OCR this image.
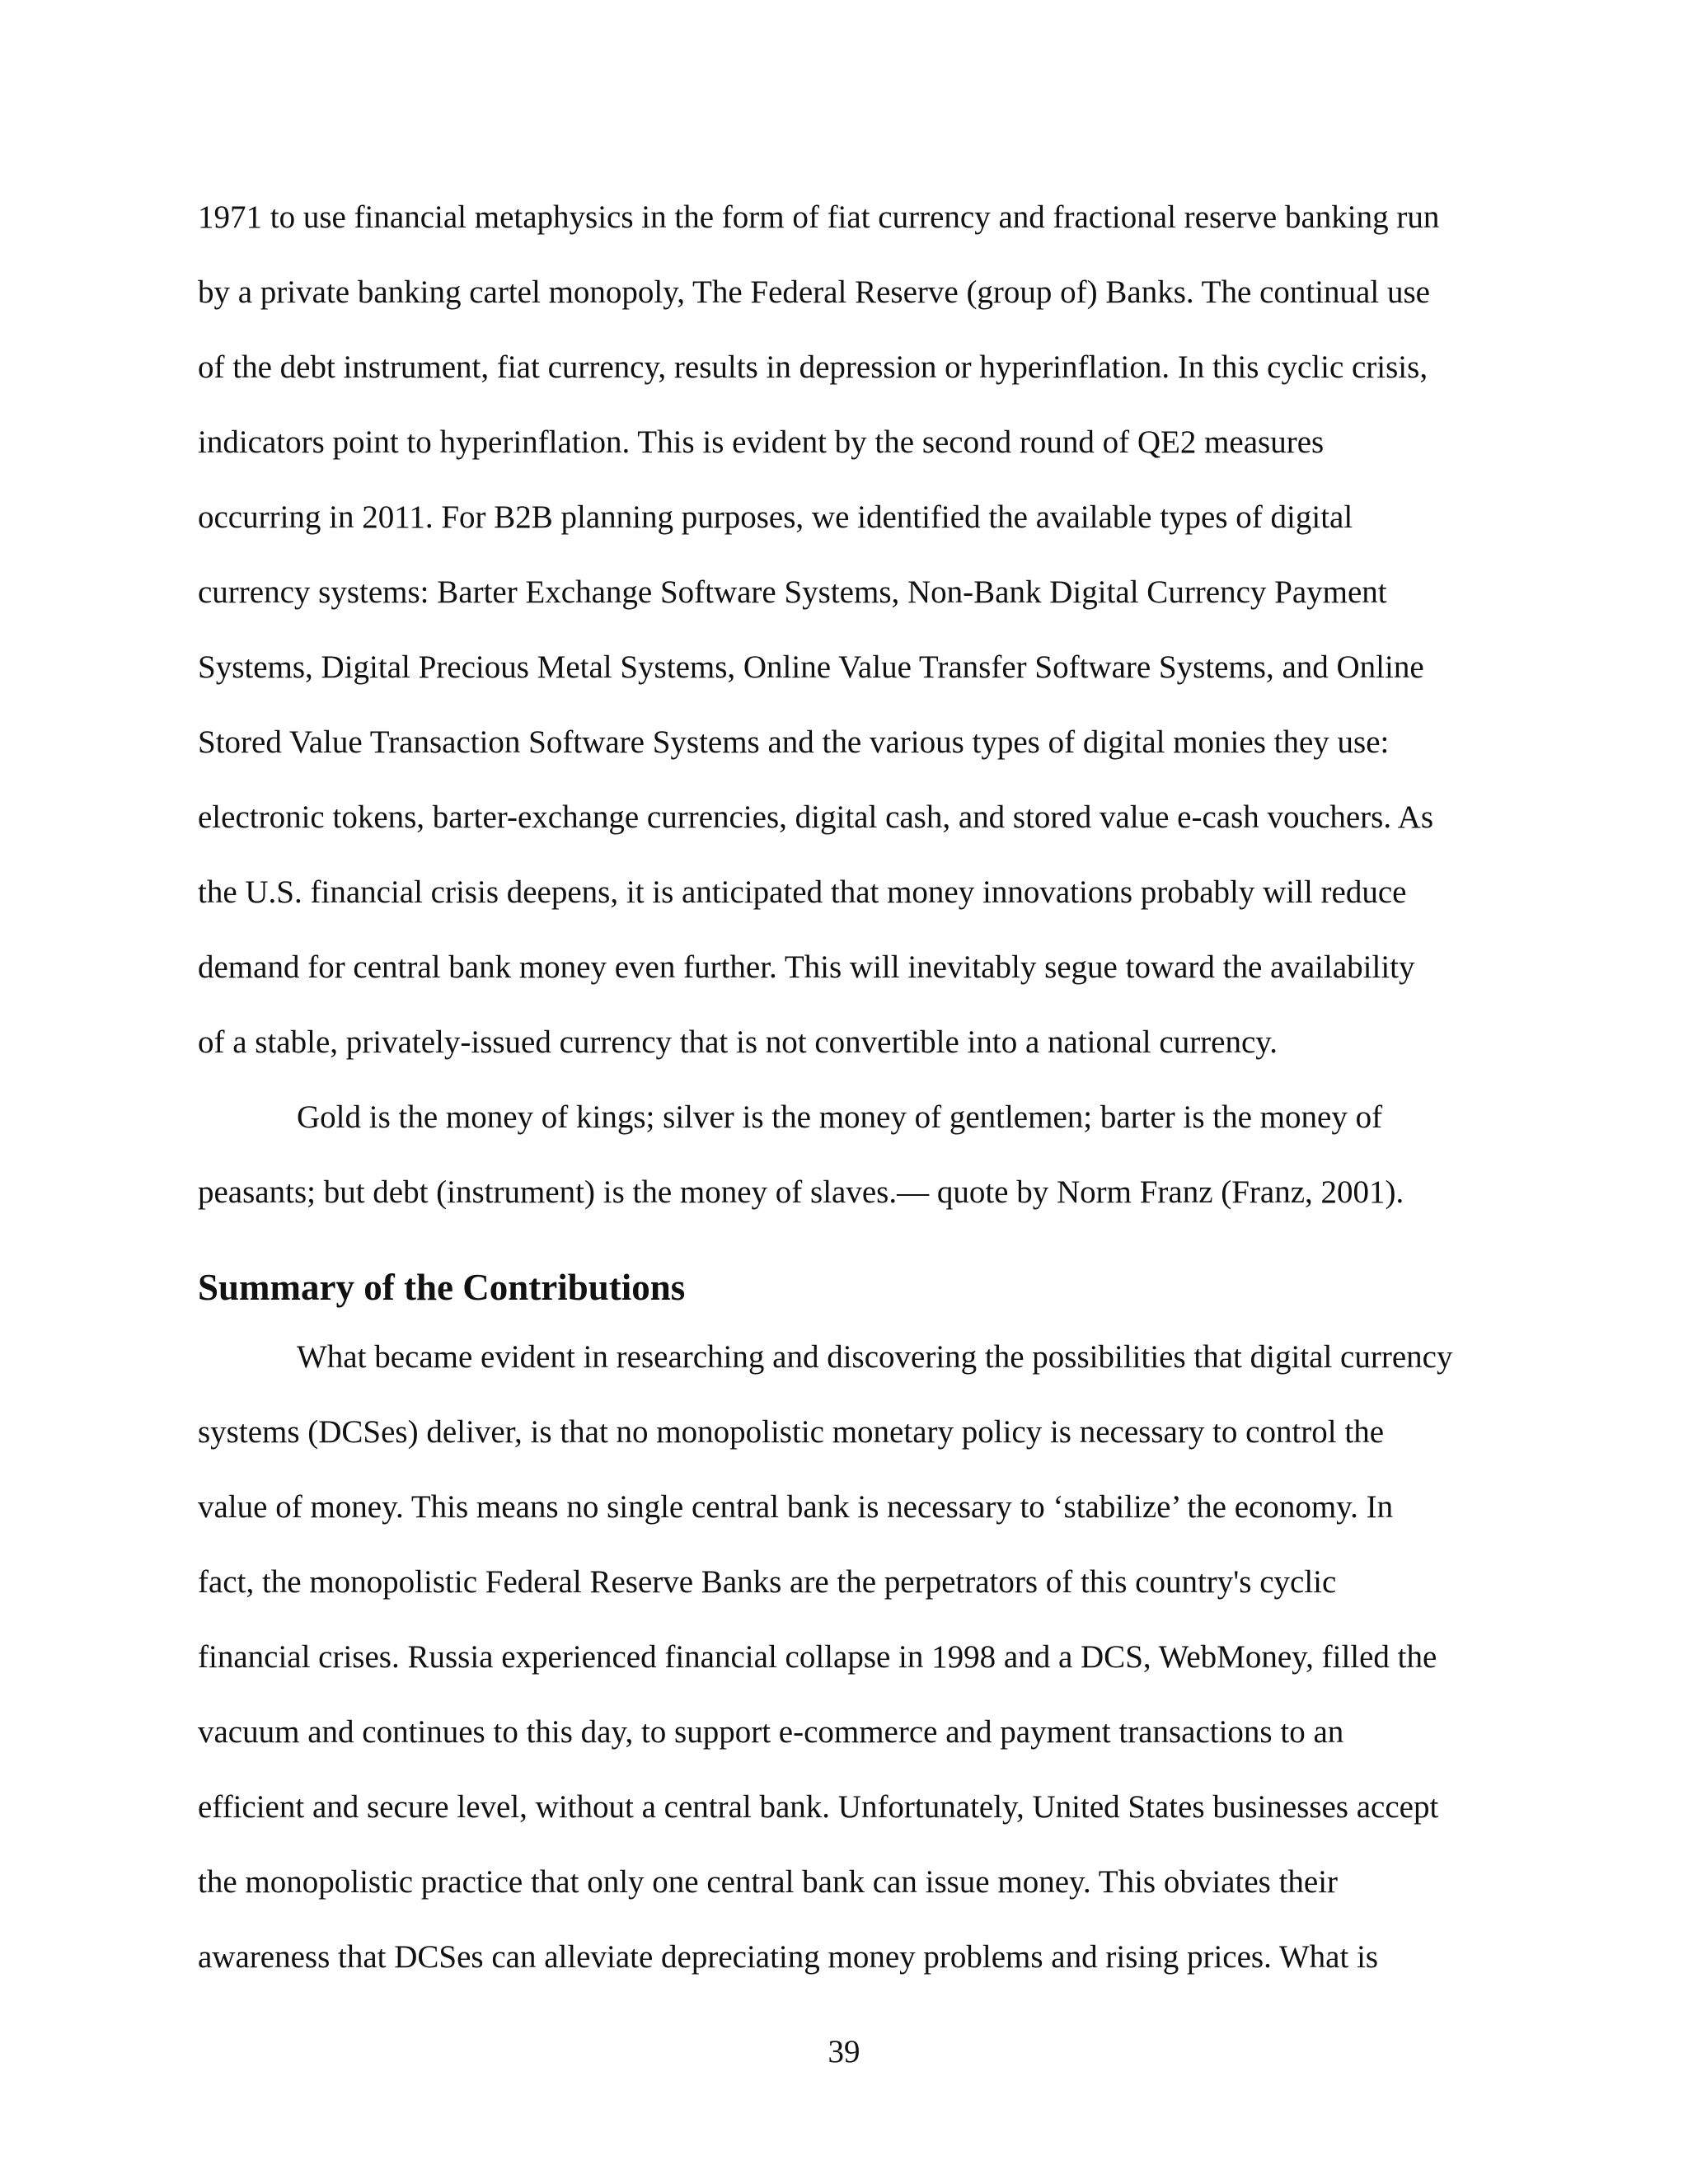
1971 to use financial metaphysics in the form of fiat currency and fractional reserve banking run

by a private banking cartel monopoly, The Federal Reserve (group of) Banks. The continual use

of the debt instrument, fiat currency, results in depression or hyperinflation. In this cyclic crisis,

indicators point to hyperinflation. This is evident by the second round of QE2 measures

occurring in 2011. For B2B planning purposes, we identified the available types of digital

currency systems: Barter Exchange Software Systems, Non-Bank Digital Currency Payment

Systems, Digital Precious Metal Systems, Online Value Transfer Software Systems, and Online

Stored Value Transaction Software Systems and the various types of digital monies they use:

electronic tokens, barter-exchange currencies, digital cash, and stored value e-cash vouchers. As

the U.S. financial crisis deepens, it is anticipated that money innovations probably will reduce

demand for central bank money even further. This will inevitably segue toward the availability

of a stable, privately-issued currency that is not convertible into a national currency.

Gold is the money of kings; silver is the money of gentlemen; barter is the money of

peasants; but debt (instrument) is the money of slaves.— quote by Norm Franz (Franz, 2001).

Summary of the Contributions

What became evident in researching and discovering the possibilities that digital currency

systems (DCSes) deliver, is that no monopolistic monetary policy is necessary to control the

value of money. This means no single central bank is necessary to ‘stabilize’ the economy. In

fact, the monopolistic Federal Reserve Banks are the perpetrators of this country's cyclic

financial crises. Russia experienced financial collapse in 1998 and a DCS, WebMoney, filled the

vacuum and continues to this day, to support e-commerce and payment transactions to an

efficient and secure level, without a central bank. Unfortunately, United States businesses accept

the monopolistic practice that only one central bank can issue money. This obviates their

awareness that DCSes can alleviate depreciating money problems and rising prices. What is

39
